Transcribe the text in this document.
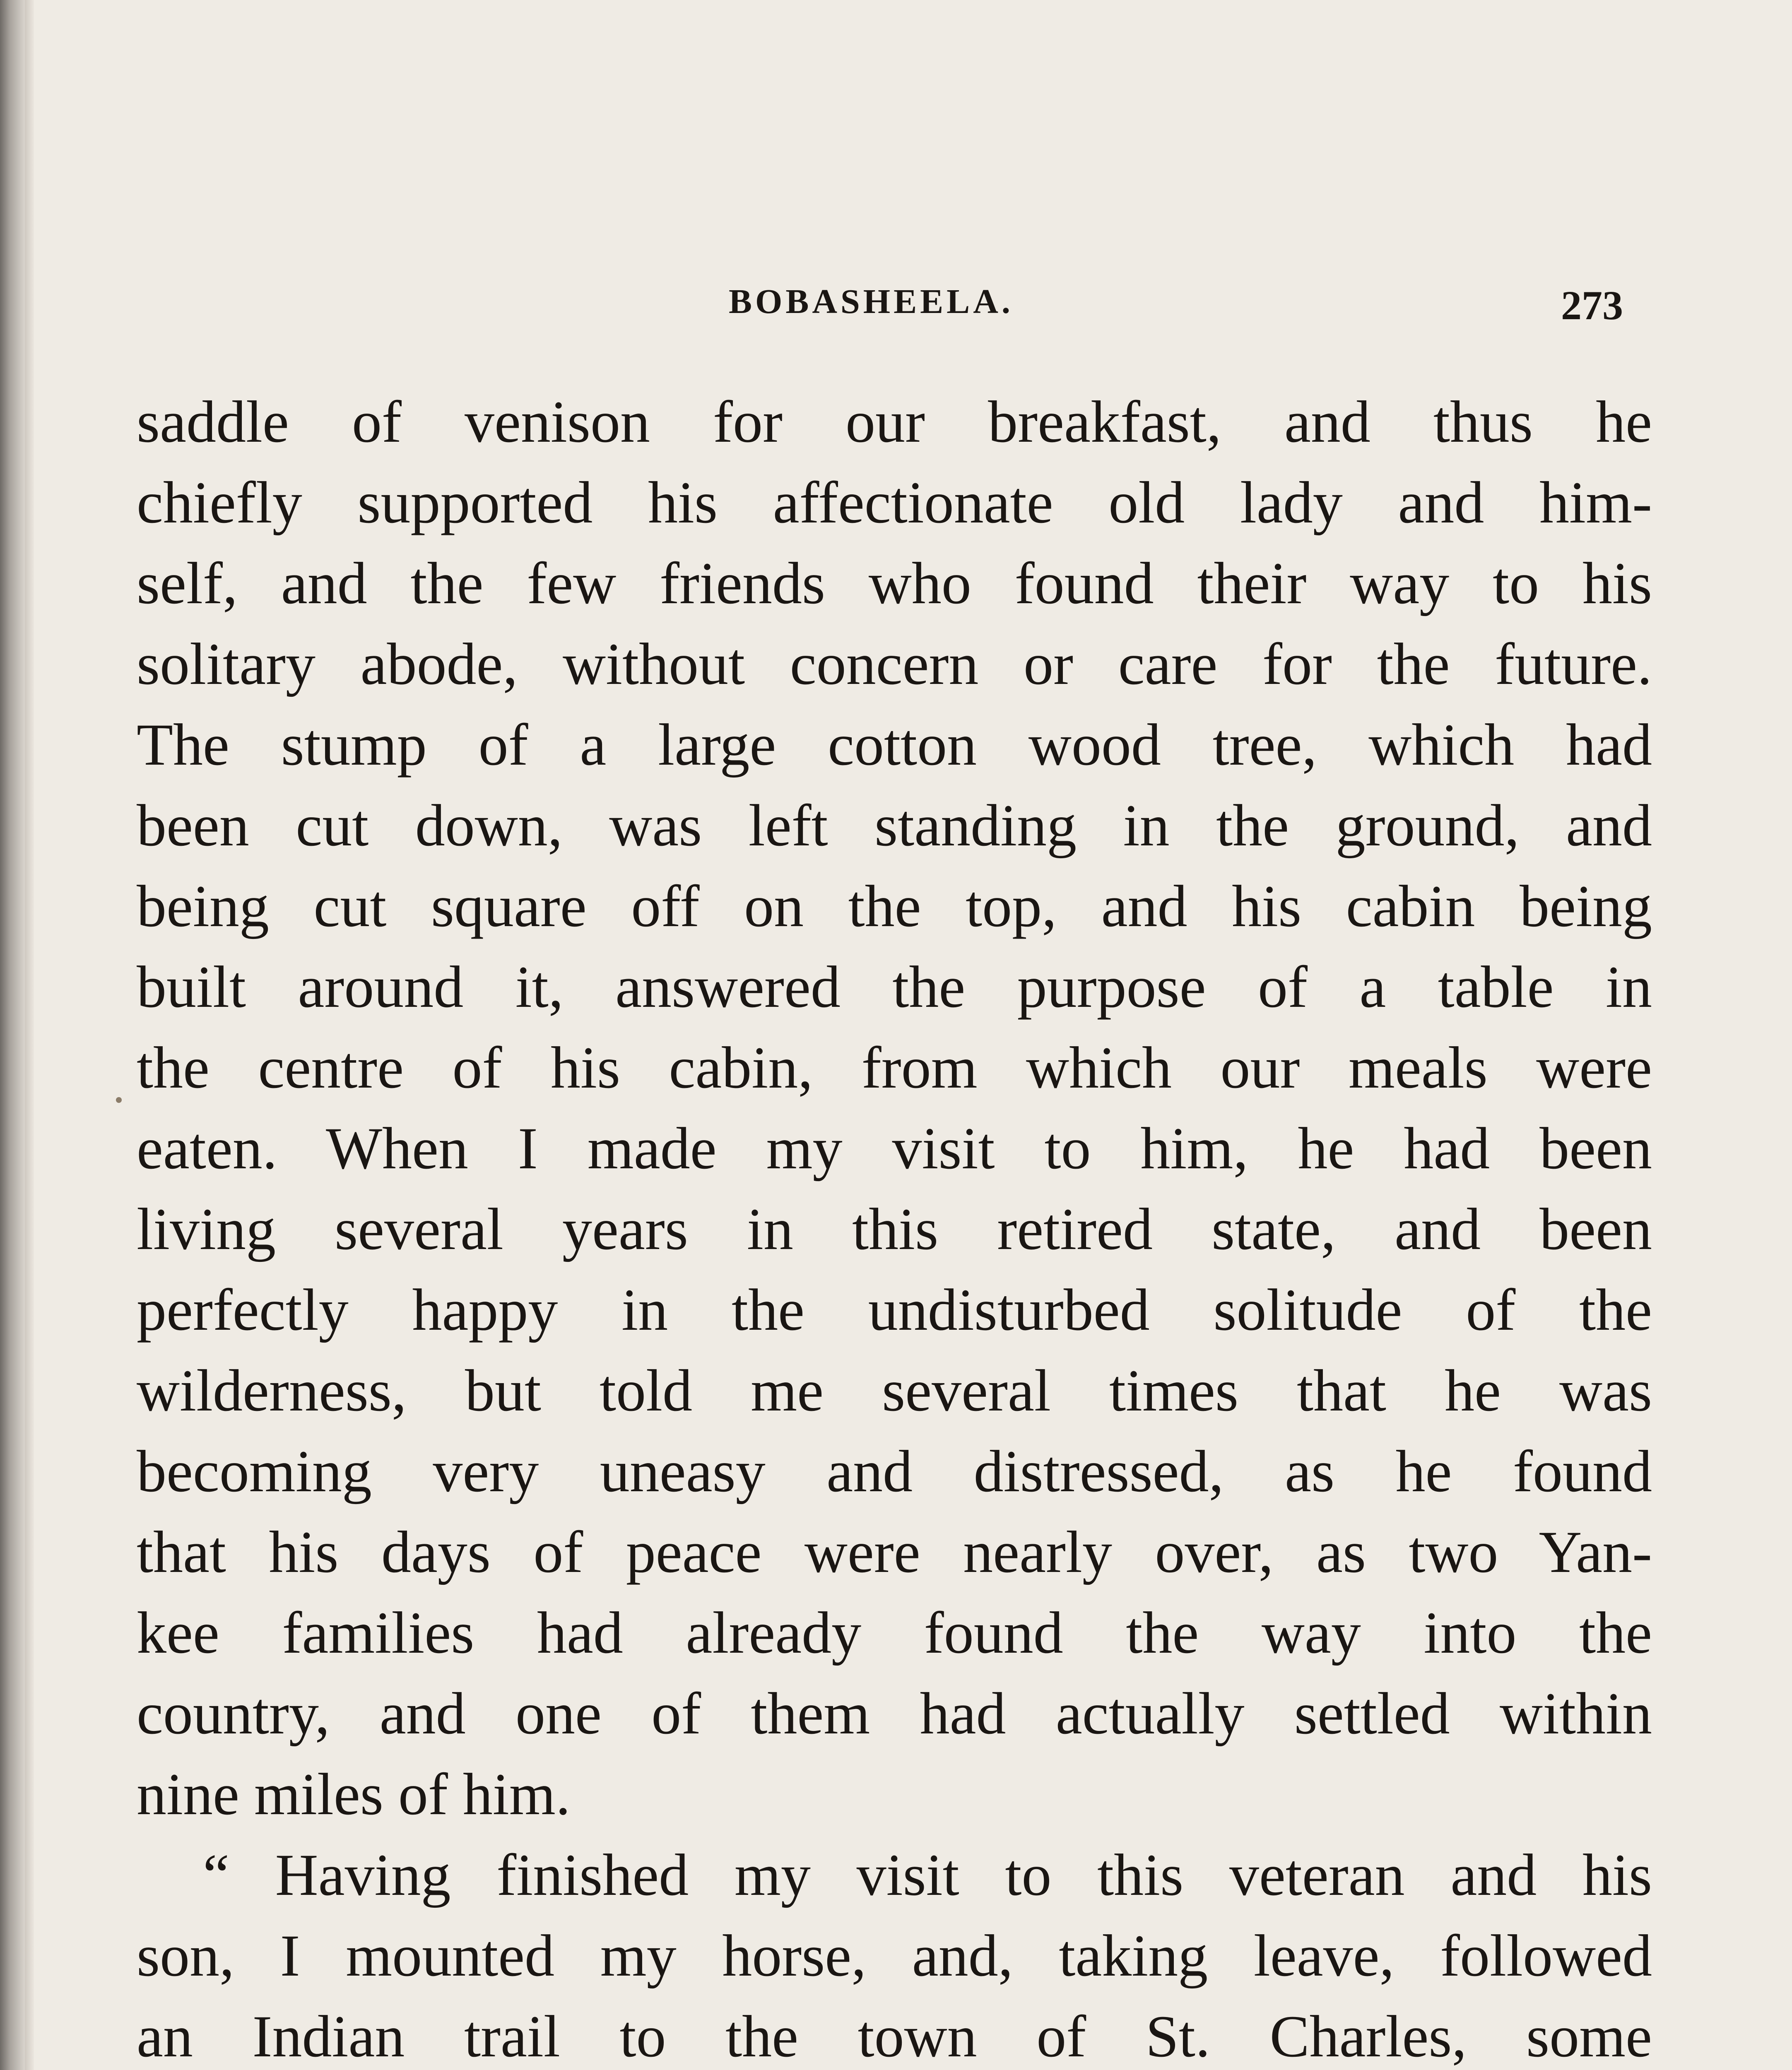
BOBASHEELA.	273
saddle of venison for our breakfast, and thus he
chiefly supported his affectionate old lady and him-
self, and the few friends who found their way to his
solitary abode, without concern or care for the future.
The stump of a large cotton wood tree, which had
been cut down, was left standing in the ground, and
being cut square off on the top, and his cabin being
built around it, answered the purpose of a table in
the centre of his cabin, from which our meals were
eaten. When I made my visit to him, he had been
living several years in this retired state, and been
perfectly happy in the undisturbed solitude of the
wilderness, but told me several times that he was
becoming very uneasy and distressed, as he found
that his days of peace were nearly over, as two Yan-
kee families had already found the way into the
country, and one of them had actually settled within
nine miles of him.
“ Having finished my visit to this veteran and his
son, I mounted my horse, and, taking leave, followed
an Indian trail to the town of St. Charles, some
